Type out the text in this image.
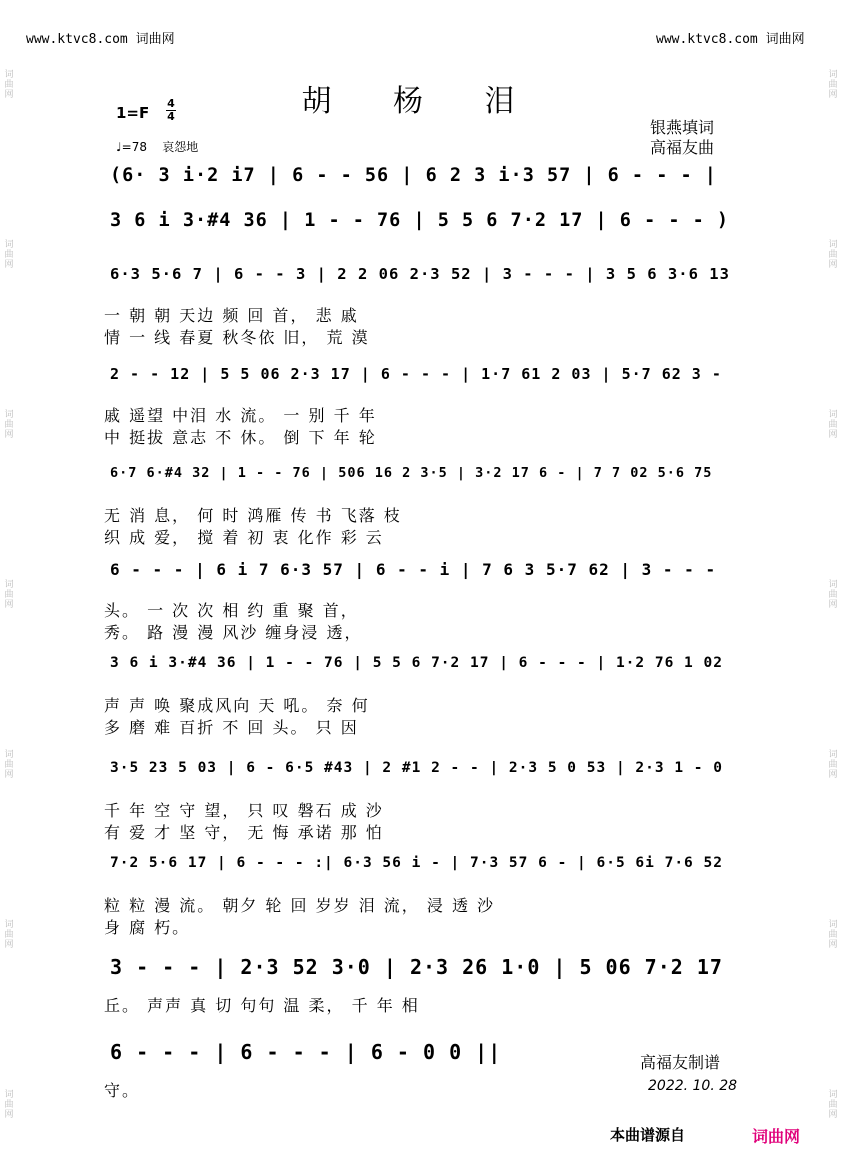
www.ktvc8.com 词曲网	www.ktvc8.com 词曲网
词曲网
词曲网
词曲网
词曲网
词曲网
词曲网
词曲网
词曲网
词曲网
词曲网
词曲网
词曲网
词曲网
词曲网
胡 杨 泪
$1=F \frac{4}{4}$
♩=78 哀怨地
银燕填词
高福友曲
(6· 3 i·2 i7 | 6 - - 56 | 6 2 3 i·3 57 | 6 - - - |
3 6 i 3·#4 36 | 1 - - 76 | 5 5 6 7·2 17 | 6 - - - )
6·3 5·6 7 | 6 - - 3 | 2 2 06 2·3 52 | 3 - - - | 3 5 6 3·6 13
一 朝 朝 天边 频 回 首， 悲 戚
情 一 线 春夏 秋冬依 旧， 荒 漠
2 - - 12 | 5 5 06 2·3 17 | 6 - - - | 1·7 61 2 03 | 5·7 62 3 -
戚 遥望 中泪 水 流。 一 别 千 年
中 挺拔 意志 不 休。 倒 下 年 轮
6·7 6·#4 32 | 1 - - 76 | 506 16 2 3·5 | 3·2 17 6 - | 7 7 02 5·6 75
无 消 息， 何 时 鸿雁 传 书 飞落 枝
织 成 爱， 搅 着 初 衷 化作 彩 云
6 - - - | 6 i 7 6·3 57 | 6 - - i | 7 6 3 5·7 62 | 3 - - -
头。 一 次 次 相 约 重 聚 首，
秀。 路 漫 漫 风沙 缠身浸 透，
3 6 i 3·#4 36 | 1 - - 76 | 5 5 6 7·2 17 | 6 - - - | 1·2 76 1 02
声 声 唤 聚成风向 天 吼。 奈 何
多 磨 难 百折 不 回 头。 只 因
3·5 23 5 03 | 6 - 6·5 #43 | 2 #1 2 - - | 2·3 5 0 53 | 2·3 1 - 0
千 年 空 守 望， 只 叹 磐石 成 沙
有 爱 才 坚 守， 无 悔 承诺 那 怕
7·2 5·6 17 | 6 - - - :| 6·3 56 i - | 7·3 57 6 - | 6·5 6i 7·6 52
粒 粒 漫 流。 朝夕 轮 回 岁岁 泪 流， 浸 透 沙
身 腐 朽。
3 - - - | 2·3 52 3·0 | 2·3 26 1·0 | 5 06 7·2 17
丘。 声声 真 切 句句 温 柔， 千 年 相
6 - - - | 6 - - - | 6 - 0 0 ||
守。
高福友制谱
2022. 10. 28
本曲谱源自	词曲网
